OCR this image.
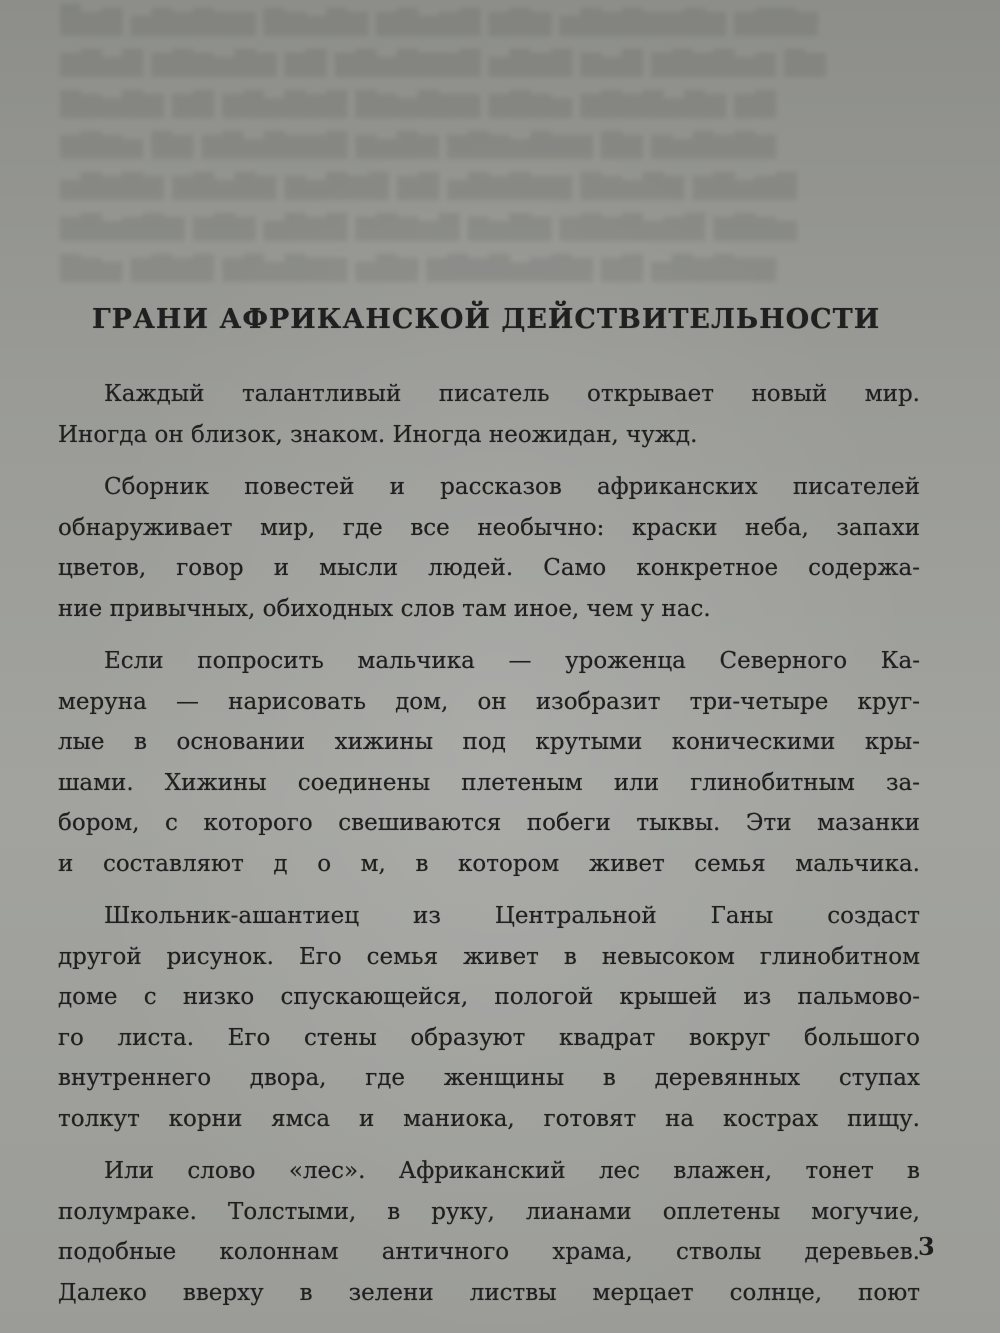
█▆▇ ▅▇▆▇▆▆ ▇▆▅▇▆ ▆▇▅▆▇ ▆▇▆ ▅▇▆▇▆▆▇▆ ▆▇▇▆
▆▇▅▇ ▆▇▆▅▇▆ ▆▇ ▆▇▅▇▆▆▇ ▅▇▆▇ ▆▅▇ ▆▇▆▇▅▆ ▇▆
▇▆▅▇▆ ▆▇ ▆▇▅▇▆▇ ▇▆▅▇▆▆ ▆▇▆▅ ▆▇▆▇▅▇▆ ▆▇
▆▇▆▅ ▇▆ ▆▇▅▇▆▆▇ ▆▅▇▆ ▆▇▆▅▇▆▆ ▇▆ ▆▅▇▆▇▆
▅▇▆▇▆ ▆▇▅▇▆ ▆▅▇▆▇ ▆▇ ▅▇▆▇▆▆ ▇▆▅▇▆ ▆▇▅▆▇
▆▇▅▆▇▆ ▆▇▆ ▅▇▆▇ ▆▇▆▅▇ ▆▅▇▆ ▆▇▆▇▅▆▇ ▆▇▆▅
▇▆▅ ▆▇▆▇ ▆▇▅▇▆▆ ▅▇▆ ▆▇▆▇▅▆▇▆ ▆▇ ▅▇▆▇▆▆
ГРАНИ АФРИКАНСКОЙ ДЕЙСТВИТЕЛЬНОСТИ
Каждый талантливый писатель открывает новый мир.
Иногда он близок, знаком. Иногда неожидан, чужд.
Сборник повестей и рассказов африканских писателей
обнаруживает мир, где все необычно: краски неба, запахи
цветов, говор и мысли людей. Само конкретное содержа-
ние привычных, обиходных слов там иное, чем у нас.
Если попросить мальчика — уроженца Северного Ка-
меруна — нарисовать дом, он изобразит три-четыре круг-
лые в основании хижины под крутыми коническими кры-
шами. Хижины соединены плетеным или глинобитным за-
бором, с которого свешиваются побеги тыквы. Эти мазанки
и составляют д о м, в котором живет семья мальчика.
Школьник-ашантиец из Центральной Ганы создаст
другой рисунок. Его семья живет в невысоком глинобитном
доме с низко спускающейся, пологой крышей из пальмово-
го листа. Его стены образуют квадрат вокруг большого
внутреннего двора, где женщины в деревянных ступах
толкут корни ямса и маниока, готовят на кострах пищу.
Или слово «лес». Африканский лес влажен, тонет в
полумраке. Толстыми, в руку, лианами оплетены могучие,
подобные колоннам античного храма, стволы деревьев.
Далеко вверху в зелени листвы мерцает солнце, поют
3
